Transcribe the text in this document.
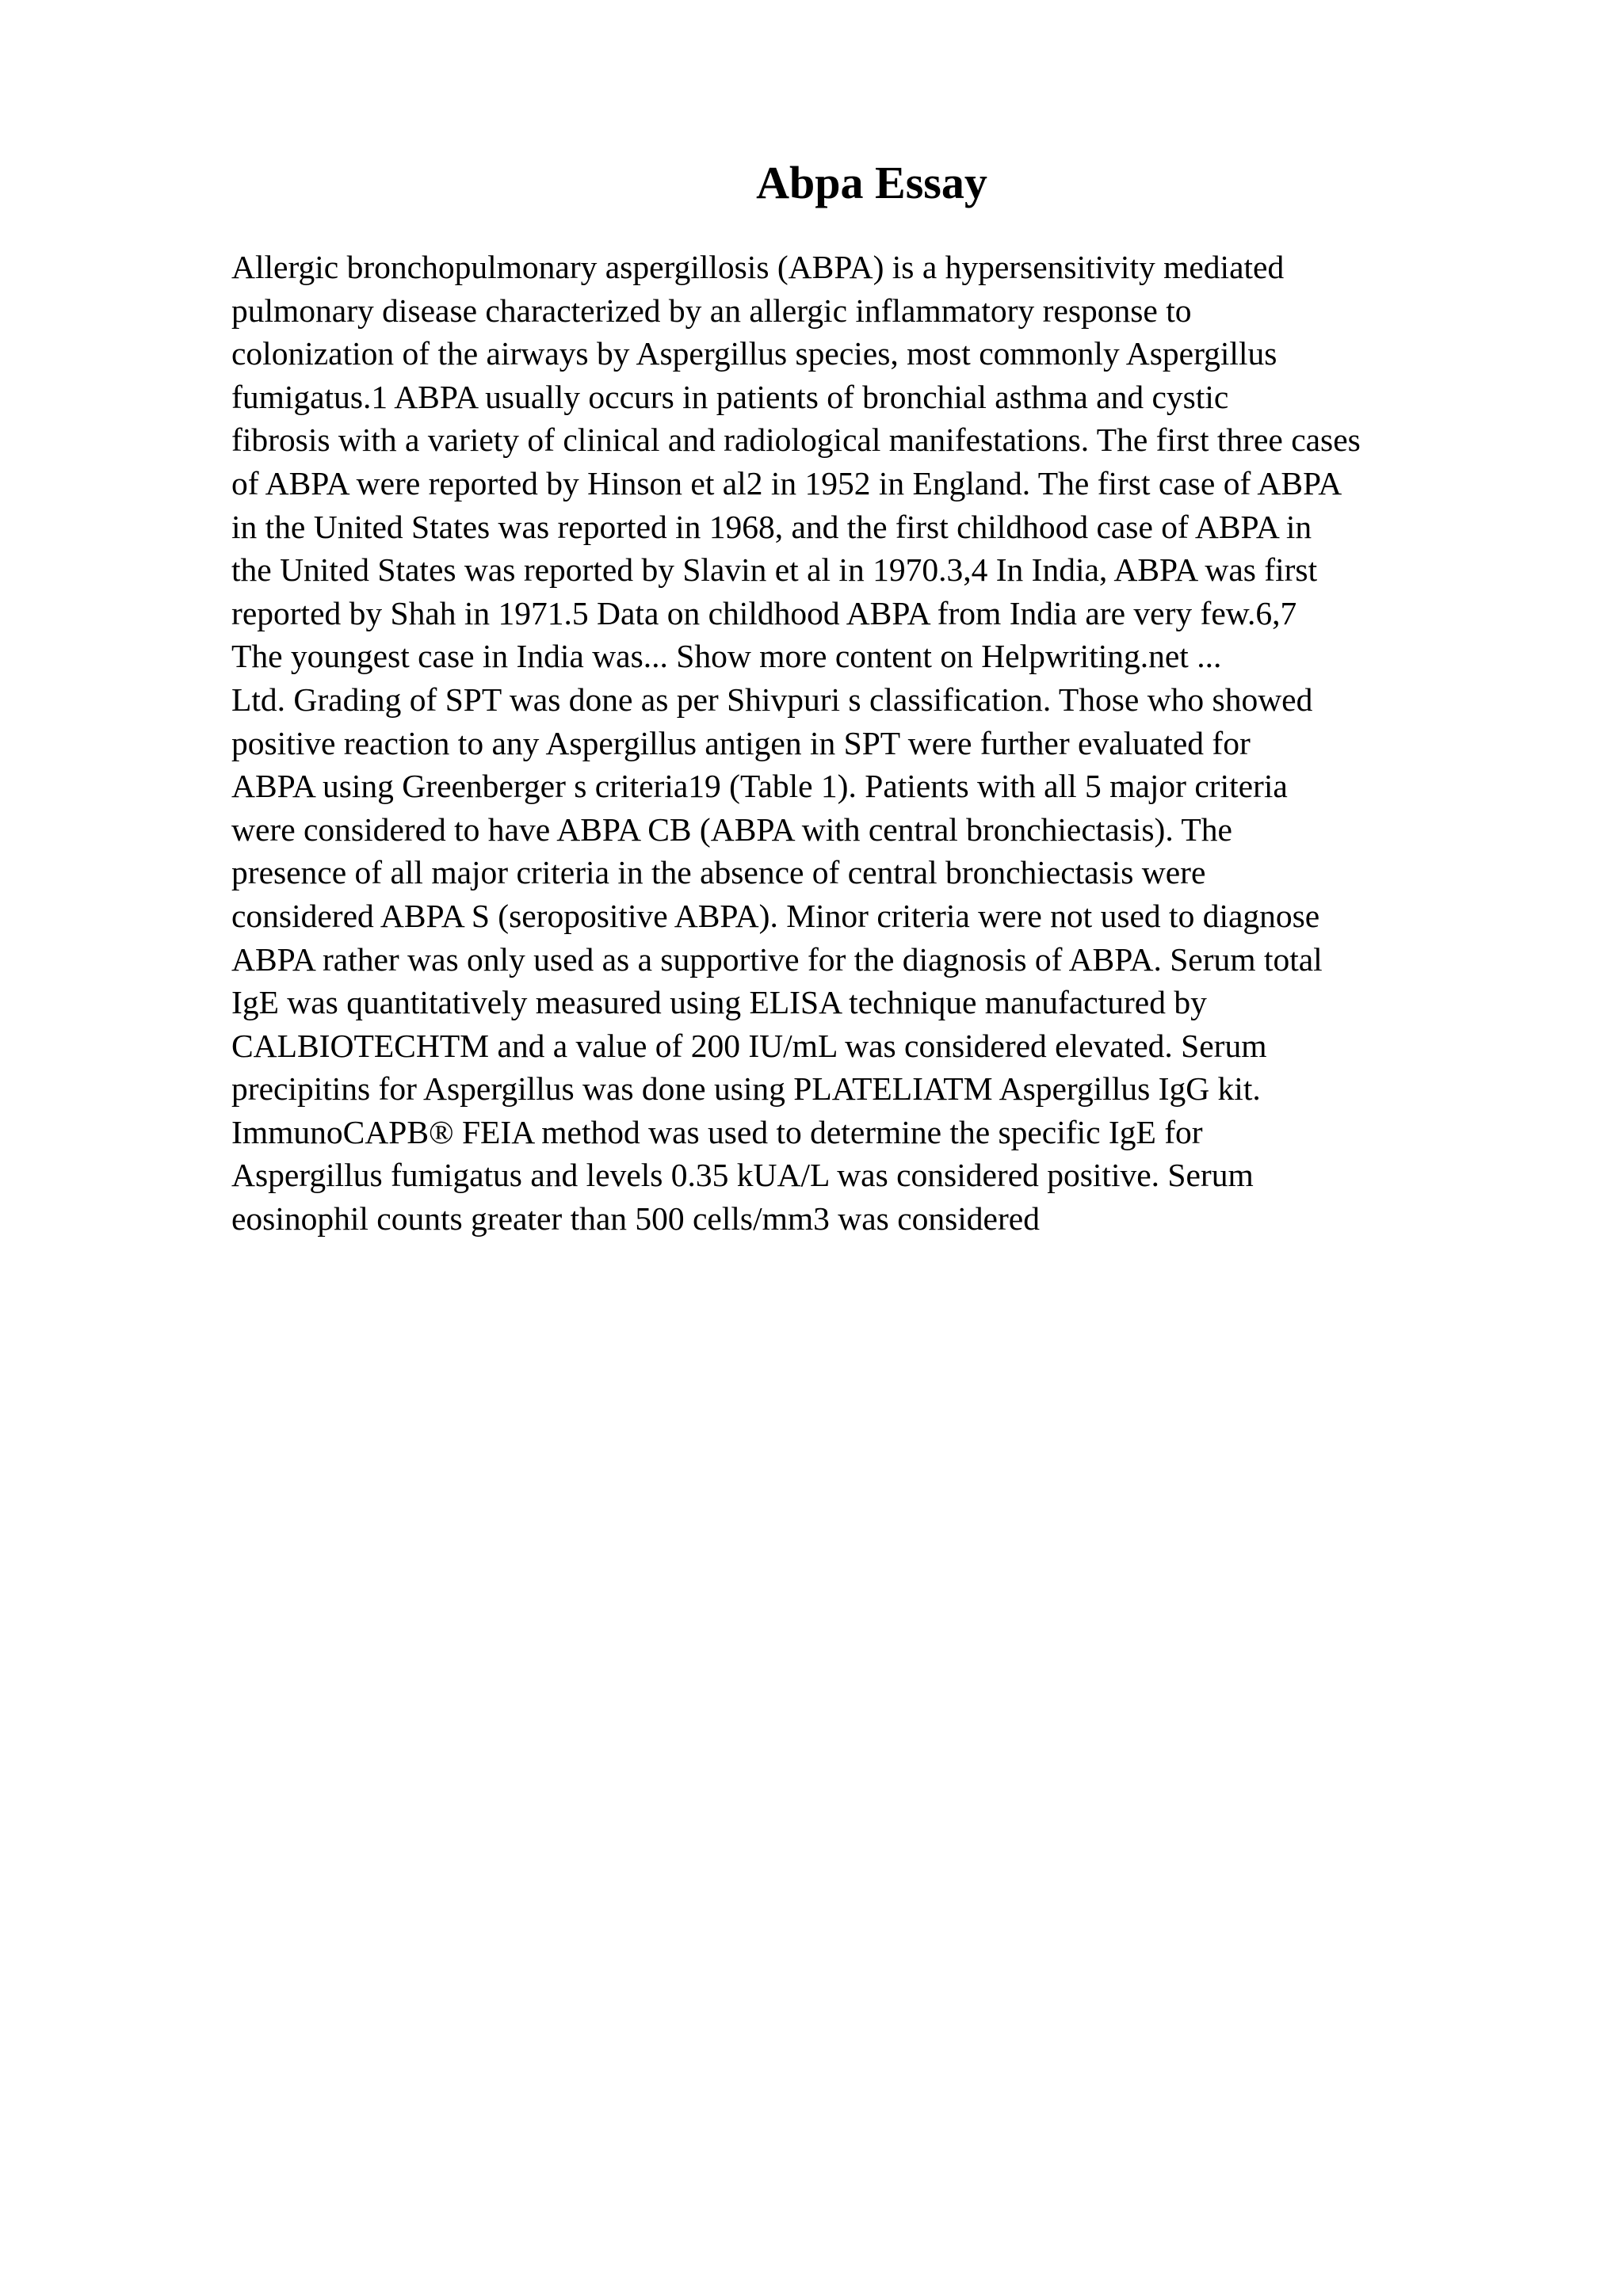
Abpa Essay
Allergic bronchopulmonary aspergillosis (ABPA) is a hypersensitivity mediated
pulmonary disease characterized by an allergic inflammatory response to
colonization of the airways by Aspergillus species, most commonly Aspergillus
fumigatus.1 ABPA usually occurs in patients of bronchial asthma and cystic
fibrosis with a variety of clinical and radiological manifestations. The first three cases
of ABPA were reported by Hinson et al2 in 1952 in England. The first case of ABPA
in the United States was reported in 1968, and the first childhood case of ABPA in
the United States was reported by Slavin et al in 1970.3,4 In India, ABPA was first
reported by Shah in 1971.5 Data on childhood ABPA from India are very few.6,7
The youngest case in India was... Show more content on Helpwriting.net ...
Ltd. Grading of SPT was done as per Shivpuri s classification. Those who showed
positive reaction to any Aspergillus antigen in SPT were further evaluated for
ABPA using Greenberger s criteria19 (Table 1). Patients with all 5 major criteria
were considered to have ABPA CB (ABPA with central bronchiectasis). The
presence of all major criteria in the absence of central bronchiectasis were
considered ABPA S (seropositive ABPA). Minor criteria were not used to diagnose
ABPA rather was only used as a supportive for the diagnosis of ABPA. Serum total
IgE was quantitatively measured using ELISA technique manufactured by
CALBIOTECHTM and a value of 200 IU/mL was considered elevated. Serum
precipitins for Aspergillus was done using PLATELIATM Aspergillus IgG kit.
ImmunoCAPB® FEIA method was used to determine the specific IgE for
Aspergillus fumigatus and levels 0.35 kUA/L was considered positive. Serum
eosinophil counts greater than 500 cells/mm3 was considered
